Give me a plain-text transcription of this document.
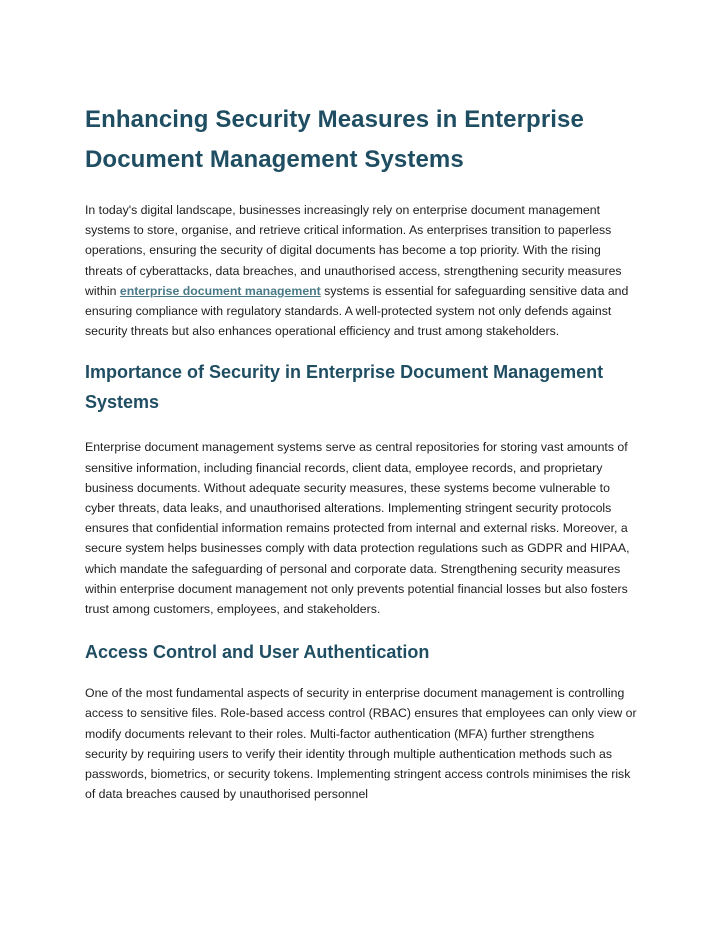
Enhancing Security Measures in Enterprise Document Management Systems

In today's digital landscape, businesses increasingly rely on enterprise document management systems to store, organise, and retrieve critical information. As enterprises transition to paperless operations, ensuring the security of digital documents has become a top priority. With the rising threats of cyberattacks, data breaches, and unauthorised access, strengthening security measures within enterprise document management systems is essential for safeguarding sensitive data and ensuring compliance with regulatory standards. A well-protected system not only defends against security threats but also enhances operational efficiency and trust among stakeholders.

Importance of Security in Enterprise Document Management Systems

Enterprise document management systems serve as central repositories for storing vast amounts of sensitive information, including financial records, client data, employee records, and proprietary business documents. Without adequate security measures, these systems become vulnerable to cyber threats, data leaks, and unauthorised alterations. Implementing stringent security protocols ensures that confidential information remains protected from internal and external risks. Moreover, a secure system helps businesses comply with data protection regulations such as GDPR and HIPAA, which mandate the safeguarding of personal and corporate data. Strengthening security measures within enterprise document management not only prevents potential financial losses but also fosters trust among customers, employees, and stakeholders.

Access Control and User Authentication

One of the most fundamental aspects of security in enterprise document management is controlling access to sensitive files. Role-based access control (RBAC) ensures that employees can only view or modify documents relevant to their roles. Multi-factor authentication (MFA) further strengthens security by requiring users to verify their identity through multiple authentication methods such as passwords, biometrics, or security tokens. Implementing stringent access controls minimises the risk of data breaches caused by unauthorised personnel
